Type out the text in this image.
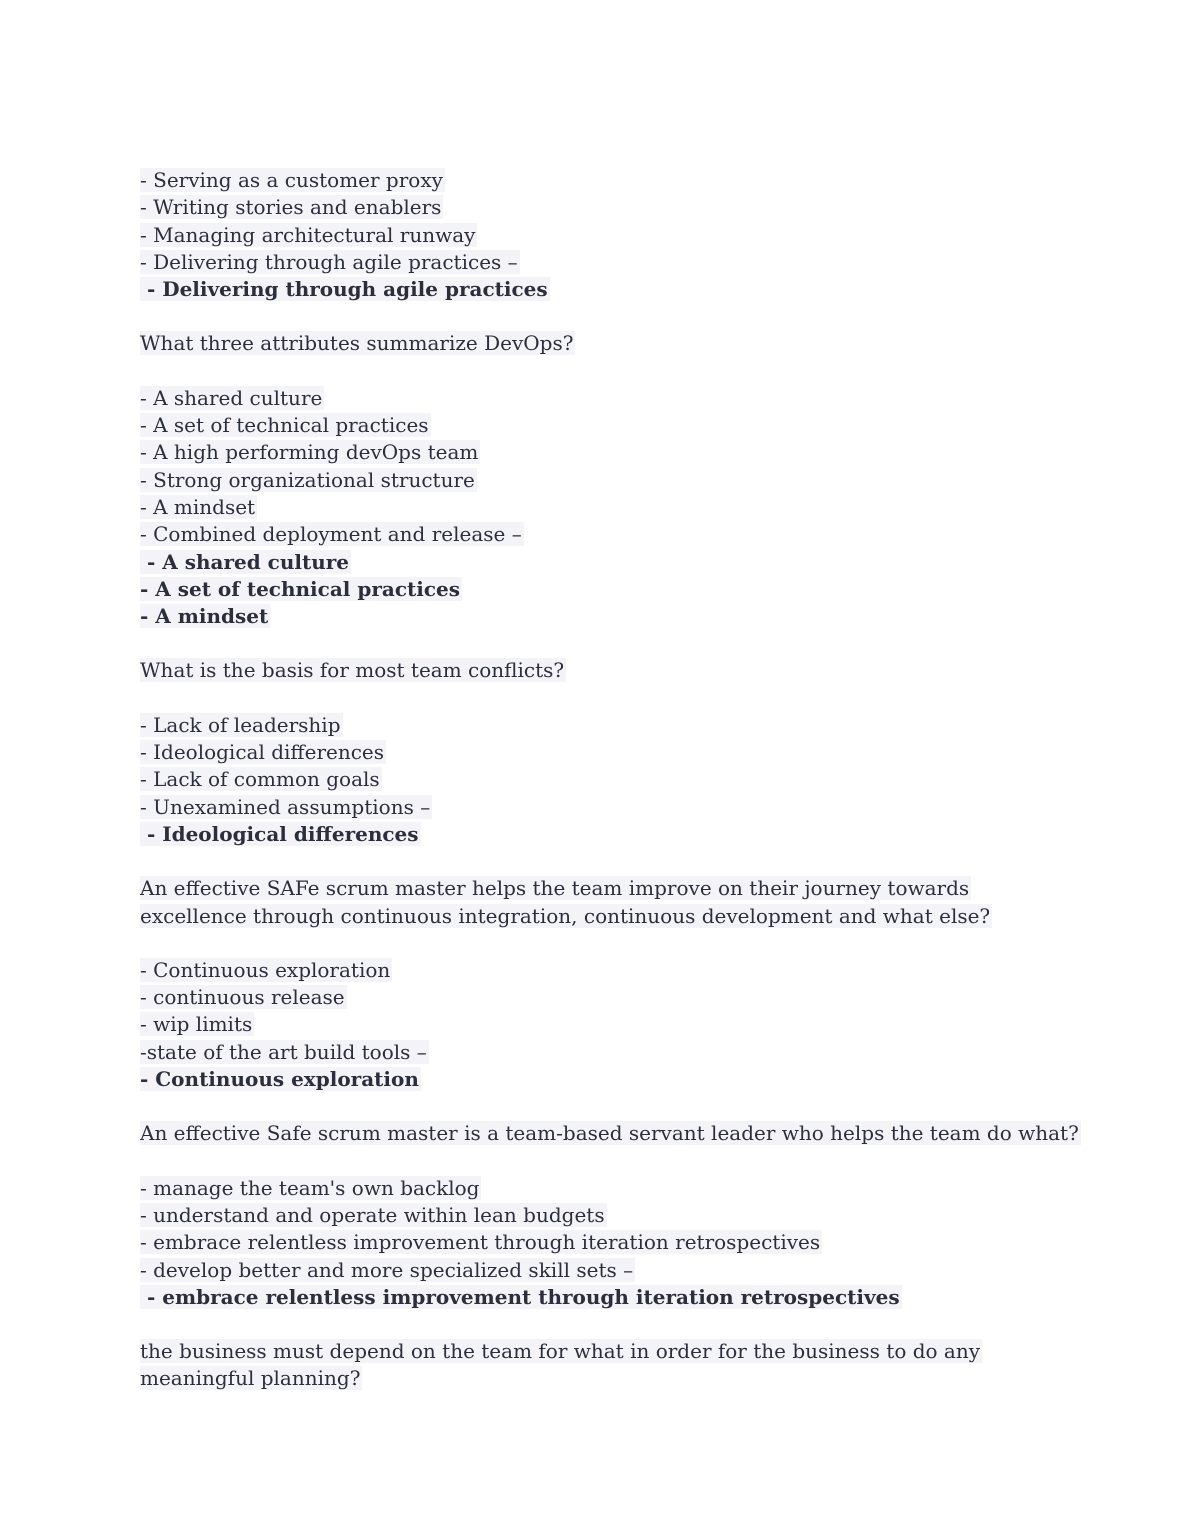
- Serving as a customer proxy
- Writing stories and enablers
- Managing architectural runway
- Delivering through agile practices –
- Delivering through agile practices
What three attributes summarize DevOps?
- A shared culture
- A set of technical practices
- A high performing devOps team
- Strong organizational structure
- A mindset
- Combined deployment and release –
- A shared culture
- A set of technical practices
- A mindset
What is the basis for most team conflicts?
- Lack of leadership
- Ideological differences
- Lack of common goals
- Unexamined assumptions –
- Ideological differences
An effective SAFe scrum master helps the team improve on their journey towards
excellence through continuous integration, continuous development and what else?
- Continuous exploration
- continuous release
- wip limits
-state of the art build tools –
- Continuous exploration
An effective Safe scrum master is a team-based servant leader who helps the team do what?
- manage the team's own backlog
- understand and operate within lean budgets
- embrace relentless improvement through iteration retrospectives
- develop better and more specialized skill sets –
- embrace relentless improvement through iteration retrospectives
the business must depend on the team for what in order for the business to do any
meaningful planning?
